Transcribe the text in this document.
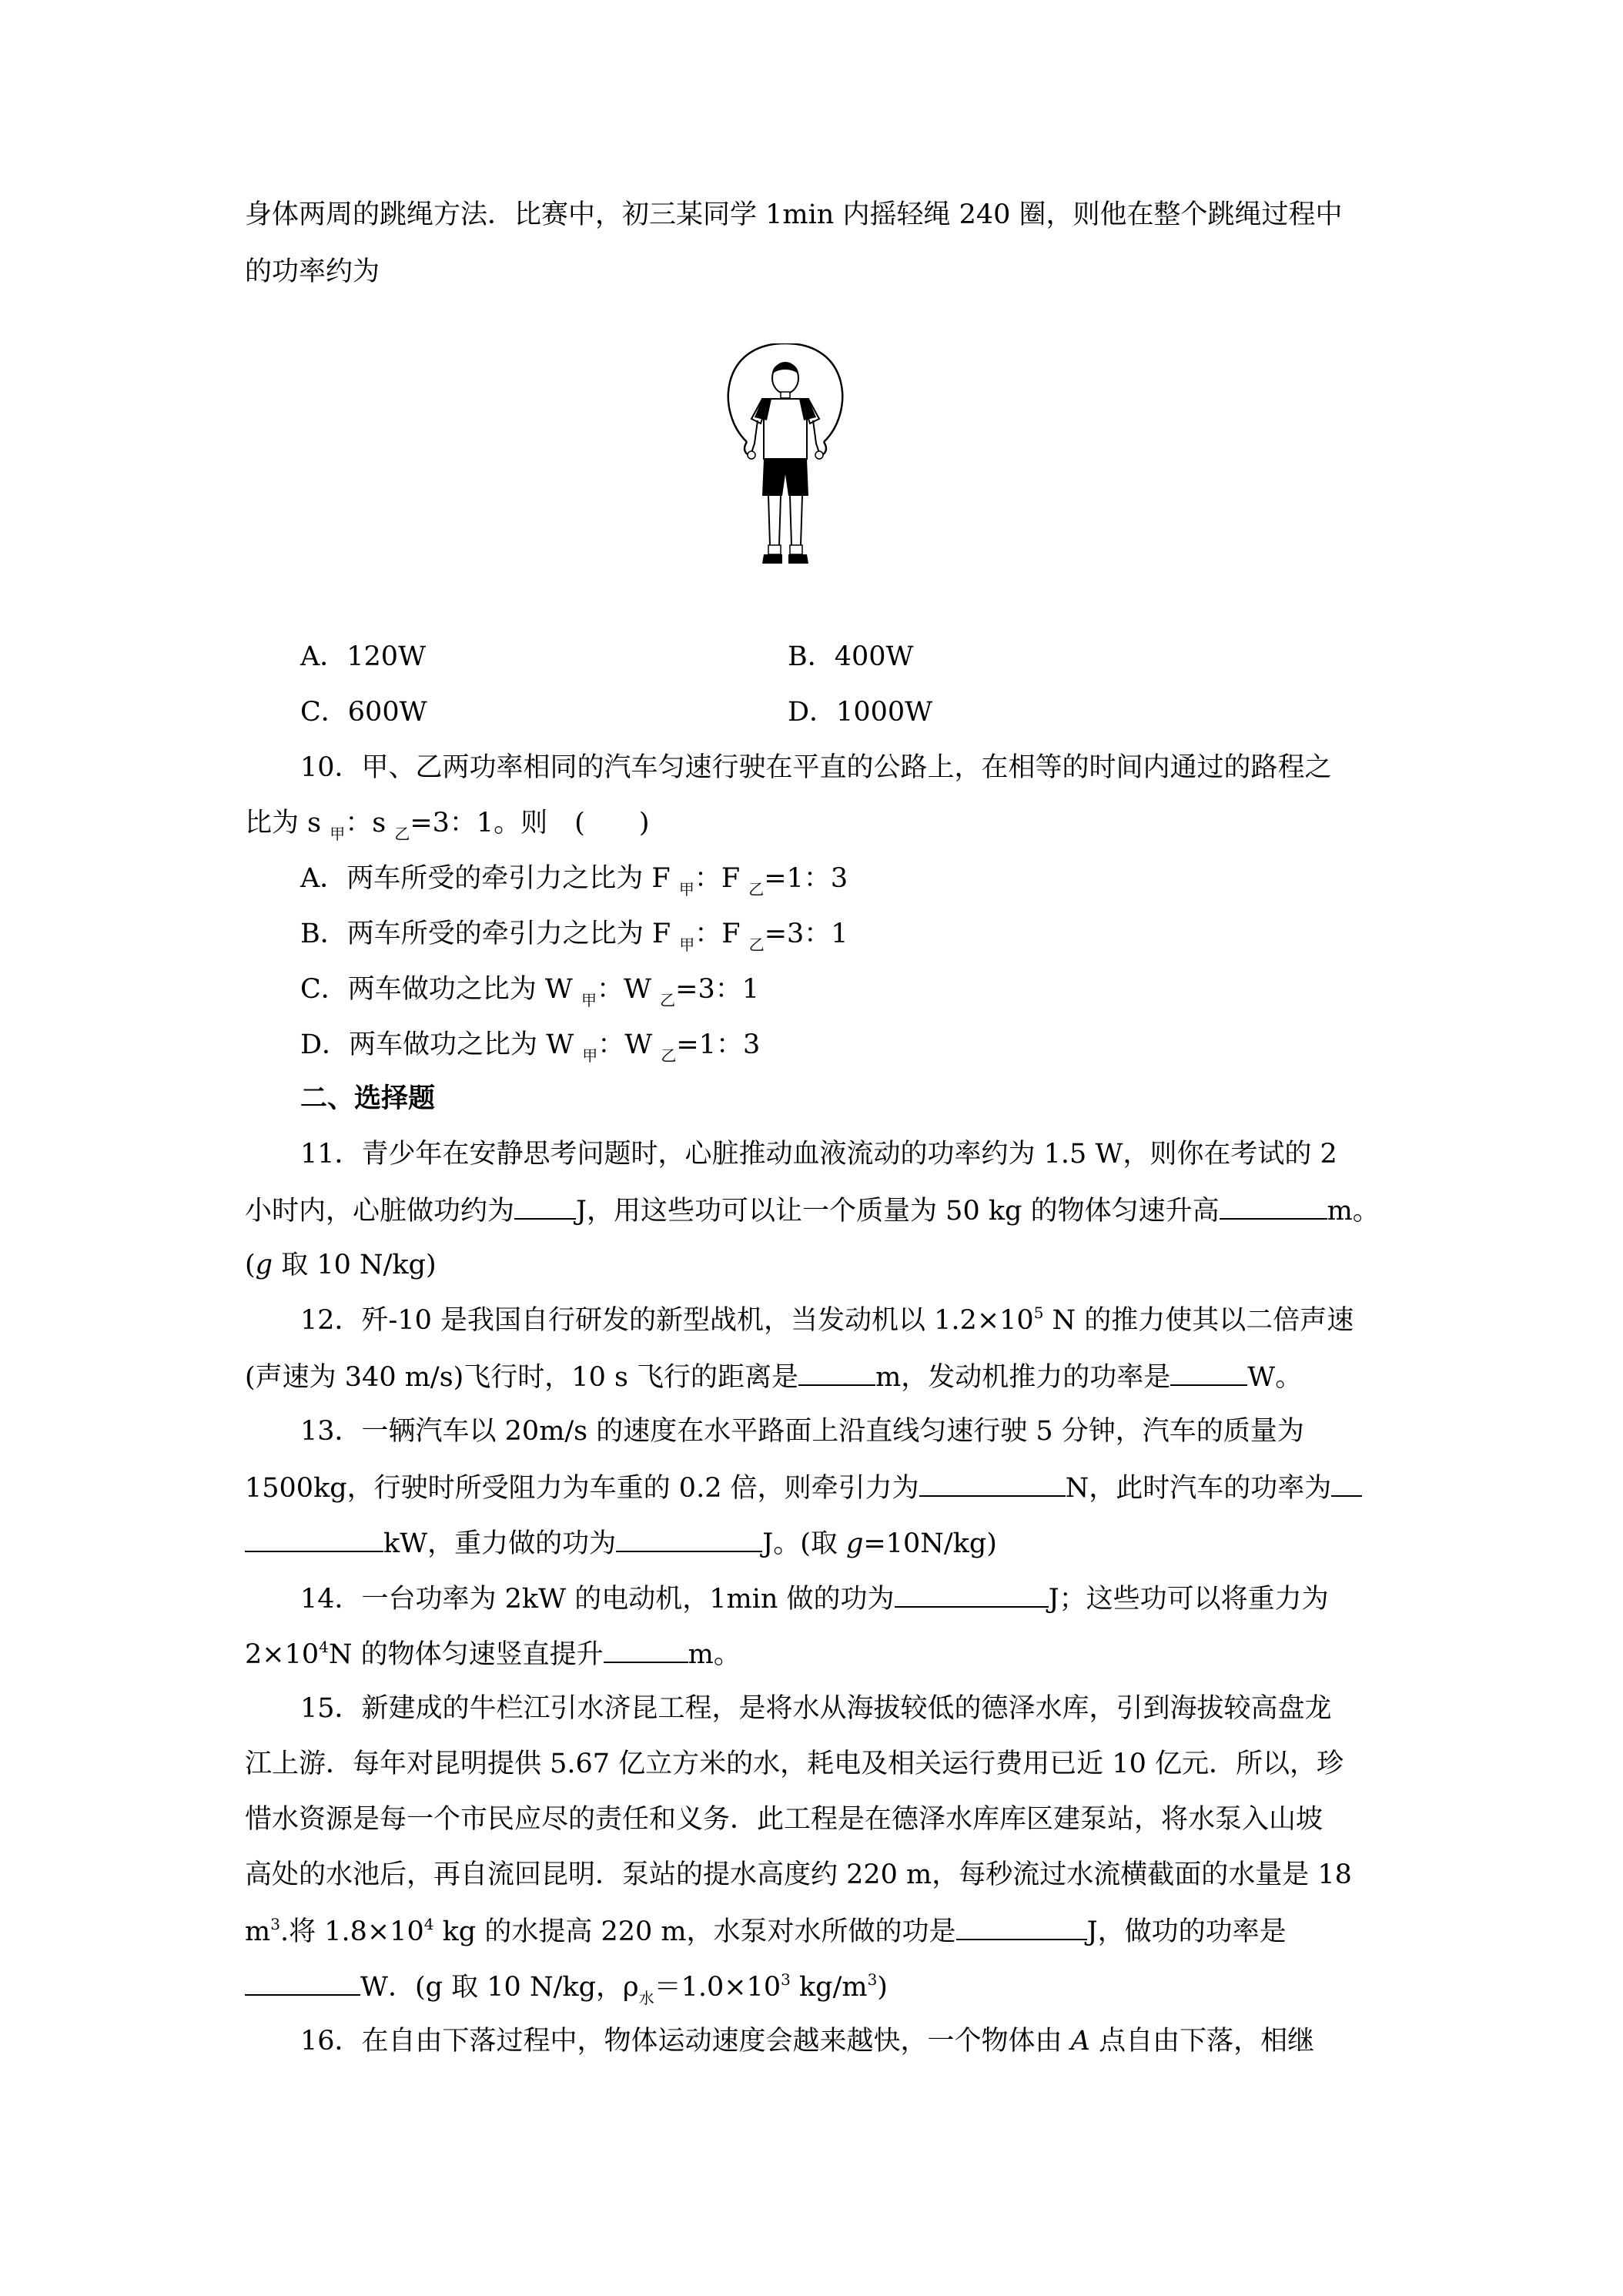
身体两周的跳绳方法．比赛中，初三某同学 1min 内摇轻绳 240 圈，则他在整个跳绳过程中
的功率约为
A．120W	B．400W
C．600W	D．1000W
10．甲、乙两功率相同的汽车匀速行驶在平直的公路上，在相等的时间内通过的路程之
比为 s $_甲$：s $_乙$=3：1。则　(　　)
A．两车所受的牵引力之比为 F $_甲$：F $_乙$=1：3
B．两车所受的牵引力之比为 F $_甲$：F $_乙$=3：1
C．两车做功之比为 W $_甲$：W $_乙$=3：1
D．两车做功之比为 W $_甲$：W $_乙$=1：3
二、选择题
11．青少年在安静思考问题时，心脏推动血液流动的功率约为 1.5 W，则你在考试的 2
小时内，心脏做功约为 J，用这些功可以让一个质量为 50 kg 的物体匀速升高	m。
(g 取 10 N/kg)
12．歼-10 是我国自行研发的新型战机，当发动机以 $1.2\times 10^5$ N 的推力使其以二倍声速
(声速为 340 m/s)飞行时，10 s 飞行的距离是	m，发动机推力的功率是	W。
13．一辆汽车以 20m/s 的速度在水平路面上沿直线匀速行驶 5 分钟，汽车的质量为
1500kg，行驶时所受阻力为车重的 0.2 倍，则牵引力为	N，此时汽车的功率为
kW，重力做的功为	J。(取 g=10N/kg)
14．一台功率为 2kW 的电动机，1min 做的功为	J；这些功可以将重力为
$2\times 10^4N$ 的物体匀速竖直提升	m。
15．新建成的牛栏江引水济昆工程，是将水从海拔较低的德泽水库，引到海拔较高盘龙
江上游．每年对昆明提供 5.67 亿立方米的水，耗电及相关运行费用已近 10 亿元．所以，珍
惜水资源是每一个市民应尽的责任和义务．此工程是在德泽水库库区建泵站，将水泵入山坡
高处的水池后，再自流回昆明．泵站的提水高度约 220 m，每秒流过水流横截面的水量是 18
$m^3$.将 $1.8\times 10^4$ kg 的水提高 220 m，水泵对水所做的功是	J，做功的功率是
W．(g 取 10 N/kg，$\rho_水=1.0\times 10^3$ $kg/m^3$)
16．在自由下落过程中，物体运动速度会越来越快，一个物体由 A 点自由下落，相继
